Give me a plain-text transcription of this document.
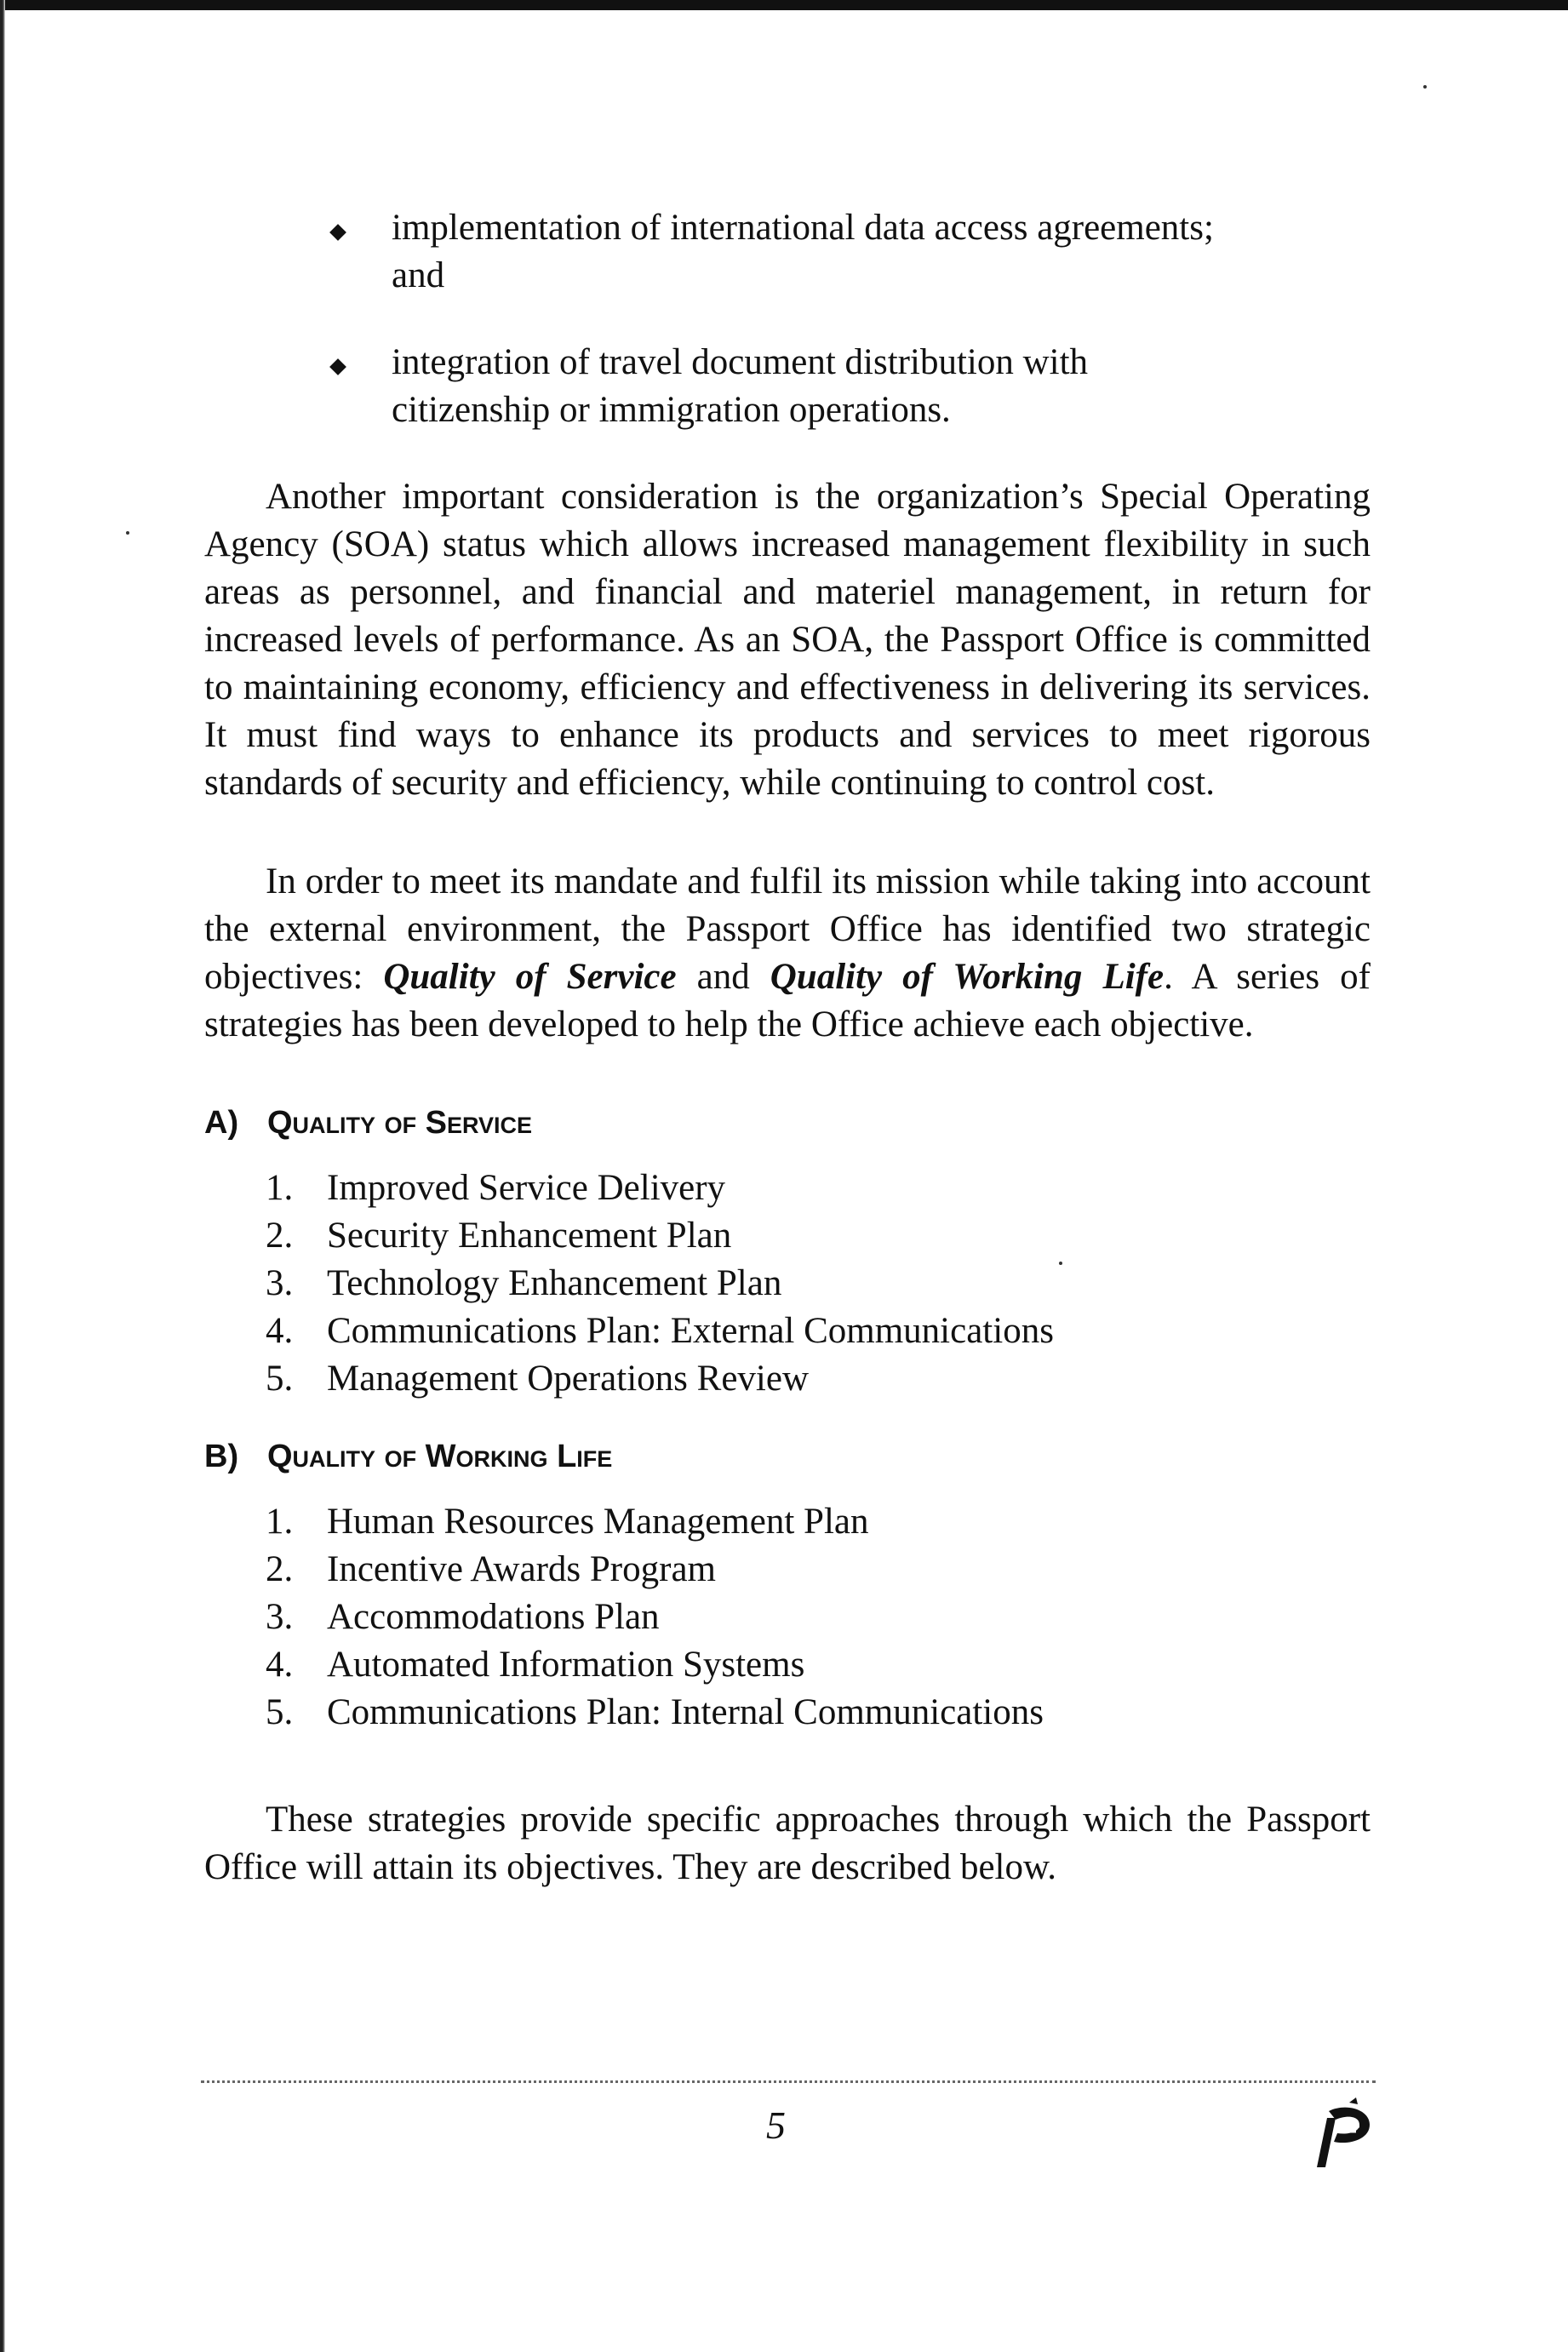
implementation of international data access agreements; and
integration of travel document distribution with citizenship or immigration operations.

Another important consideration is the organization’s Special Operating Agency (SOA) status which allows increased management flexibility in such areas as personnel, and financial and materiel management, in return for increased levels of performance. As an SOA, the Passport Office is committed to maintaining economy, efficiency and effectiveness in delivering its services. It must find ways to enhance its products and services to meet rigorous standards of security and efficiency, while continuing to control cost.

In order to meet its mandate and fulfil its mission while taking into account the external environment, the Passport Office has identified two strategic objectives: Quality of Service and Quality of Working Life. A series of strategies has been developed to help the Office achieve each objective.

A) Quality of Service
1. Improved Service Delivery
2. Security Enhancement Plan
3. Technology Enhancement Plan
4. Communications Plan: External Communications
5. Management Operations Review
B) Quality of Working Life
1. Human Resources Management Plan
2. Incentive Awards Program
3. Accommodations Plan
4. Automated Information Systems
5. Communications Plan: Internal Communications

These strategies provide specific approaches through which the Passport Office will attain its objectives. They are described below.

5
